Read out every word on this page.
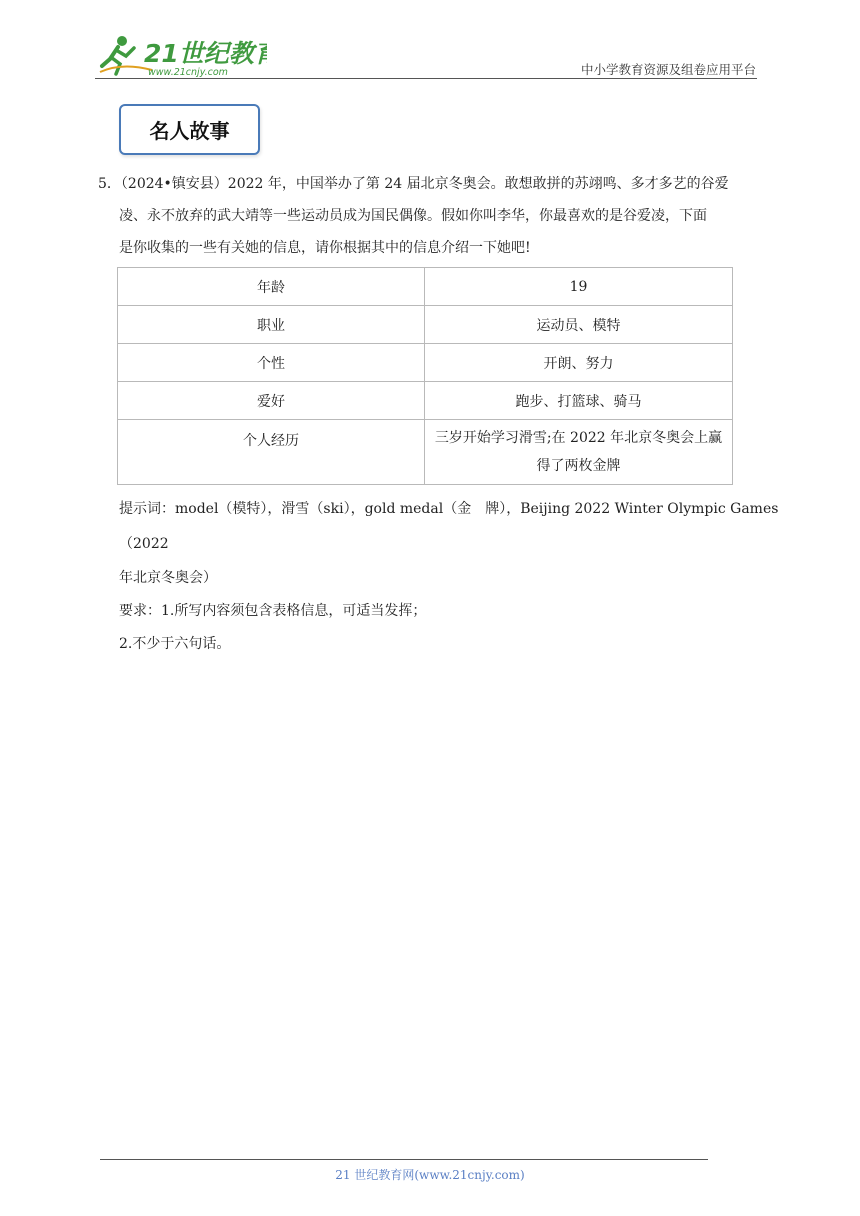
21世纪教育
www.21cnjy.com	中小学教育资源及组卷应用平台
名人故事
5．（2024•镇安县）2022 年，中国举办了第 24 届北京冬奥会。敢想敢拼的苏翊鸣、多才多艺的谷爱
凌、永不放弃的武大靖等一些运动员成为国民偶像。假如你叫李华，你最喜欢的是谷爱凌，下面
是你收集的一些有关她的信息，请你根据其中的信息介绍一下她吧!
年龄	19
职业	运动员、模特
个性	开朗、努力
爱好	跑步、打篮球、骑马
个人经历	三岁开始学习滑雪;在 2022 年北京冬奥会上赢
得了两枚金牌
提示词：model（模特），滑雪（ski），gold medal（金　牌），Beijing 2022 Winter Olympic Games
（2022
年北京冬奥会）
要求：1.所写内容须包含表格信息，可适当发挥；
2.不少于六句话。
21 世纪教育网(www.21cnjy.com)
